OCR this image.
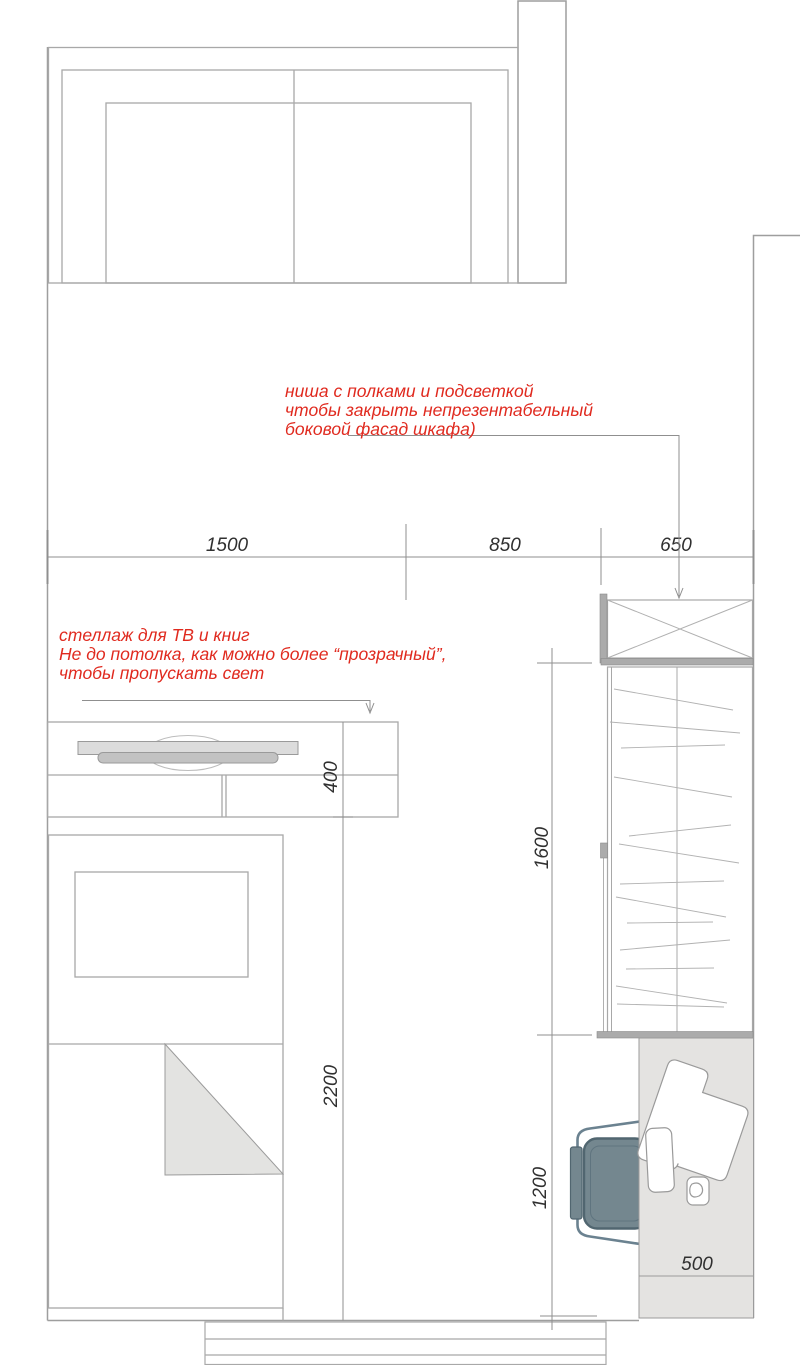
1500	850	650
400
2200
1600
1200
500
ниша с полками и подсветкой
чтобы закрыть непрезентабельный
боковой фасад шкафа)
стеллаж для ТВ и книг
Не до потолка, как можно более “прозрачный”,
чтобы пропускать свет
